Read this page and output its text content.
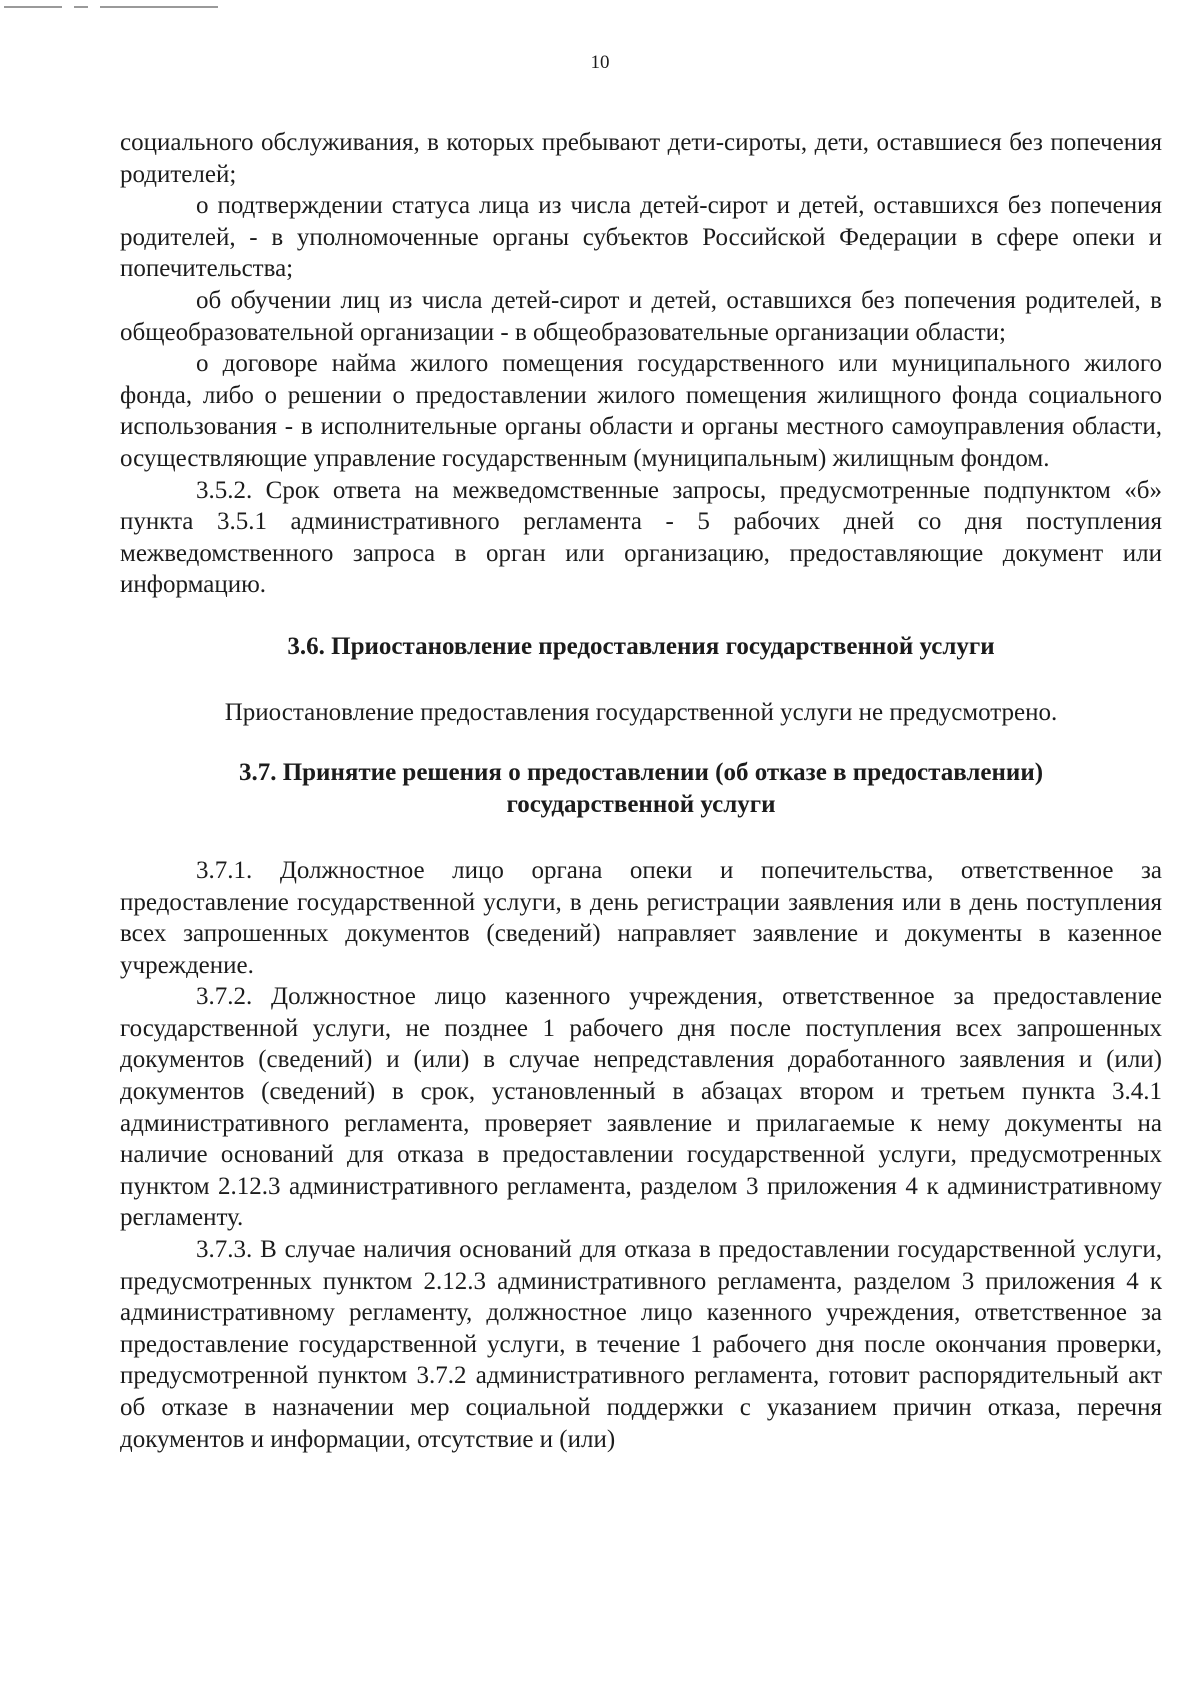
10

социального обслуживания, в которых пребывают дети-сироты, дети, оставшиеся без попечения родителей;

о подтверждении статуса лица из числа детей-сирот и детей, оставшихся без попечения родителей, - в уполномоченные органы субъектов Российской Федерации в сфере опеки и попечительства;

об обучении лиц из числа детей-сирот и детей, оставшихся без попечения родителей, в общеобразовательной организации - в общеобразовательные организации области;

о договоре найма жилого помещения государственного или муниципального жилого фонда, либо о решении о предоставлении жилого помещения жилищного фонда социального использования - в исполнительные органы области и органы местного самоуправления области, осуществляющие управление государственным (муниципальным) жилищным фондом.

3.5.2. Срок ответа на межведомственные запросы, предусмотренные подпунктом «б» пункта 3.5.1 административного регламента - 5 рабочих дней со дня поступления межведомственного запроса в орган или организацию, предоставляющие документ или информацию.

3.6. Приостановление предоставления государственной услуги

Приостановление предоставления государственной услуги не предусмотрено.

3.7. Принятие решения о предоставлении (об отказе в предоставлении)

государственной услуги

3.7.1. Должностное лицо органа опеки и попечительства, ответственное за предоставление государственной услуги, в день регистрации заявления или в день поступления всех запрошенных документов (сведений) направляет заявление и документы в казенное учреждение.

3.7.2. Должностное лицо казенного учреждения, ответственное за предоставление государственной услуги, не позднее 1 рабочего дня после поступления всех запрошенных документов (сведений) и (или) в случае непредставления доработанного заявления и (или) документов (сведений) в срок, установленный в абзацах втором и третьем пункта 3.4.1 административного регламента, проверяет заявление и прилагаемые к нему документы на наличие оснований для отказа в предоставлении государственной услуги, предусмотренных пунктом 2.12.3 административного регламента, разделом 3 приложения 4 к административному регламенту.

3.7.3. В случае наличия оснований для отказа в предоставлении государственной услуги, предусмотренных пунктом 2.12.3 административного регламента, разделом 3 приложения 4 к административному регламенту, должностное лицо казенного учреждения, ответственное за предоставление государственной услуги, в течение 1 рабочего дня после окончания проверки, предусмотренной пунктом 3.7.2 административного регламента, готовит распорядительный акт об отказе в назначении мер социальной поддержки с указанием причин отказа, перечня документов и информации, отсутствие и (или)
